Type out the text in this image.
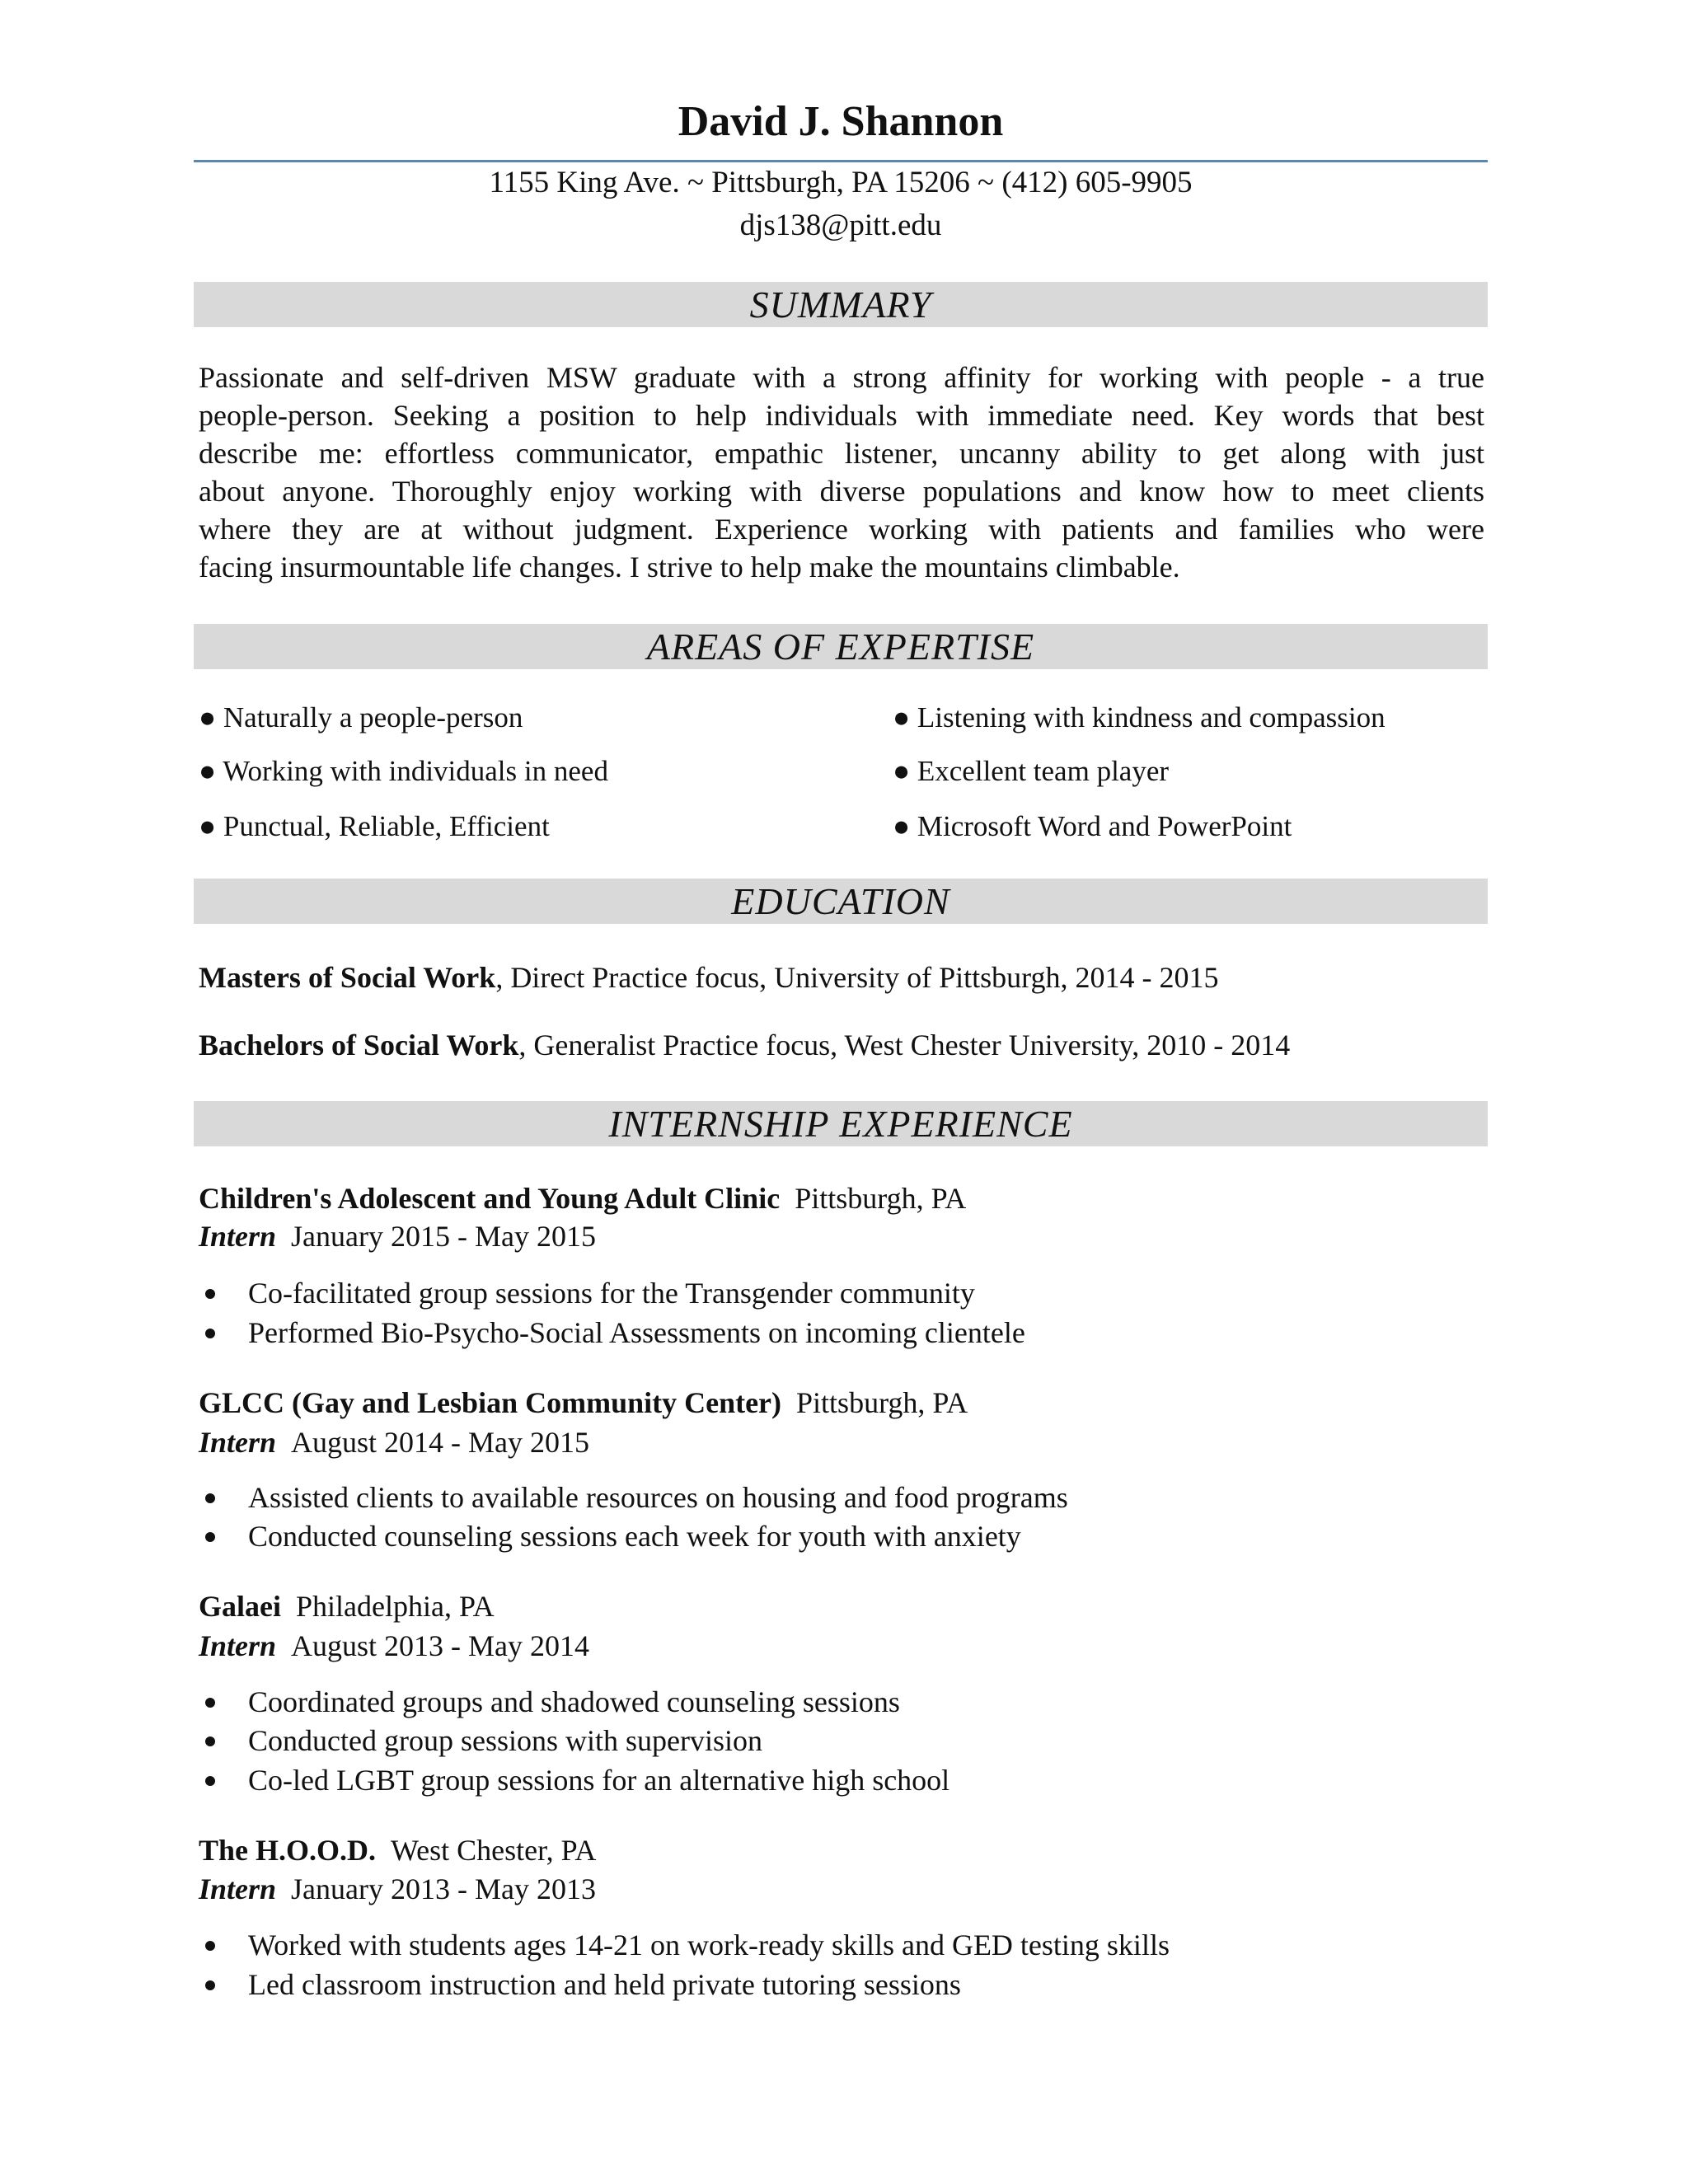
David J. Shannon
1155 King Ave. ~ Pittsburgh, PA 15206 ~ (412) 605-9905
djs138@pitt.edu
SUMMARY
Passionate and self-driven MSW graduate with a strong affinity for working with people - a true
people-person. Seeking a position to help individuals with immediate need. Key words that best
describe me: effortless communicator, empathic listener, uncanny ability to get along with just
about anyone. Thoroughly enjoy working with diverse populations and know how to meet clients
where they are at without judgment. Experience working with patients and families who were
facing insurmountable life changes. I strive to help make the mountains climbable.
AREAS OF EXPERTISE
● Naturally a people-person
● Working with individuals in need
● Punctual, Reliable, Efficient
● Listening with kindness and compassion
● Excellent team player
● Microsoft Word and PowerPoint
EDUCATION
Masters of Social Work, Direct Practice focus, University of Pittsburgh, 2014 - 2015
Bachelors of Social Work, Generalist Practice focus, West Chester University, 2010 - 2014
INTERNSHIP EXPERIENCE
Children's Adolescent and Young Adult Clinic Pittsburgh, PA
Intern January 2015 - May 2015
Co-facilitated group sessions for the Transgender community
Performed Bio-Psycho-Social Assessments on incoming clientele
GLCC (Gay and Lesbian Community Center) Pittsburgh, PA
Intern August 2014 - May 2015
Assisted clients to available resources on housing and food programs
Conducted counseling sessions each week for youth with anxiety
Galaei Philadelphia, PA
Intern August 2013 - May 2014
Coordinated groups and shadowed counseling sessions
Conducted group sessions with supervision
Co-led LGBT group sessions for an alternative high school
The H.O.O.D. West Chester, PA
Intern January 2013 - May 2013
Worked with students ages 14-21 on work-ready skills and GED testing skills
Led classroom instruction and held private tutoring sessions
